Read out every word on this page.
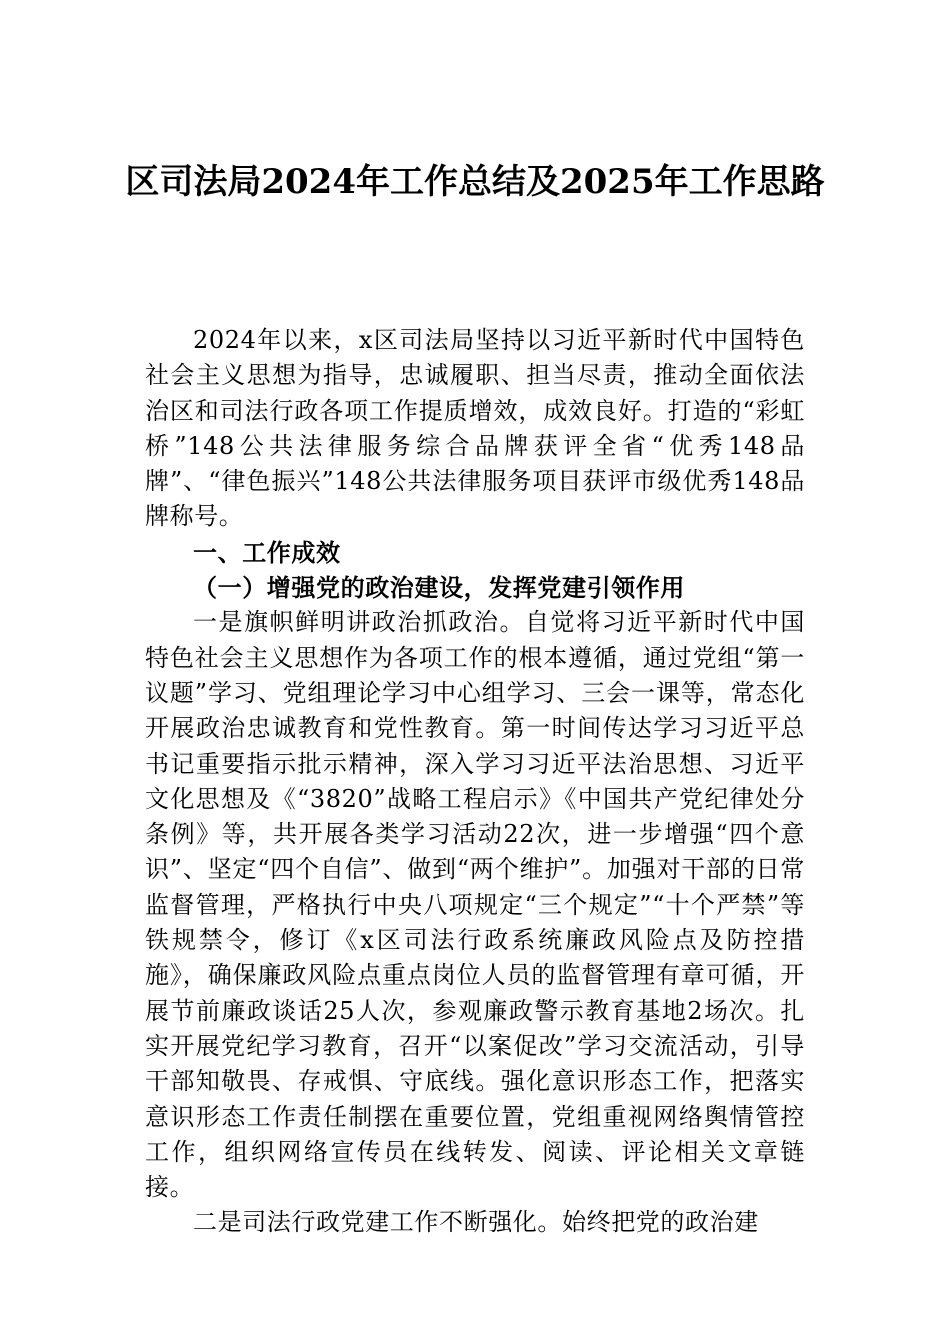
区司法局2024年工作总结及2025年工作思路

2024年以来，x区司法局坚持以习近平新时代中国特色社会主义思想为指导，忠诚履职、担当尽责，推动全面依法治区和司法行政各项工作提质增效，成效良好。打造的“彩虹桥”148公共法律服务综合品牌获评全省“优秀148品牌”、“律色振兴”148公共法律服务项目获评市级优秀148品牌称号。

一、工作成效

（一）增强党的政治建设，发挥党建引领作用

一是旗帜鲜明讲政治抓政治。自觉将习近平新时代中国特色社会主义思想作为各项工作的根本遵循，通过党组“第一议题”学习、党组理论学习中心组学习、三会一课等，常态化开展政治忠诚教育和党性教育。第一时间传达学习习近平总书记重要指示批示精神，深入学习习近平法治思想、习近平文化思想及《“3820”战略工程启示》《中国共产党纪律处分条例》等，共开展各类学习活动22次，进一步增强“四个意识”、坚定“四个自信”、做到“两个维护”。加强对干部的日常监督管理，严格执行中央八项规定“三个规定”“十个严禁”等铁规禁令，修订《x区司法行政系统廉政风险点及防控措施》，确保廉政风险点重点岗位人员的监督管理有章可循，开展节前廉政谈话25人次，参观廉政警示教育基地2场次。扎实开展党纪学习教育，召开“以案促改”学习交流活动，引导干部知敬畏、存戒惧、守底线。强化意识形态工作，把落实意识形态工作责任制摆在重要位置，党组重视网络舆情管控工作，组织网络宣传员在线转发、阅读、评论相关文章链接。

二是司法行政党建工作不断强化。始终把党的政治建
